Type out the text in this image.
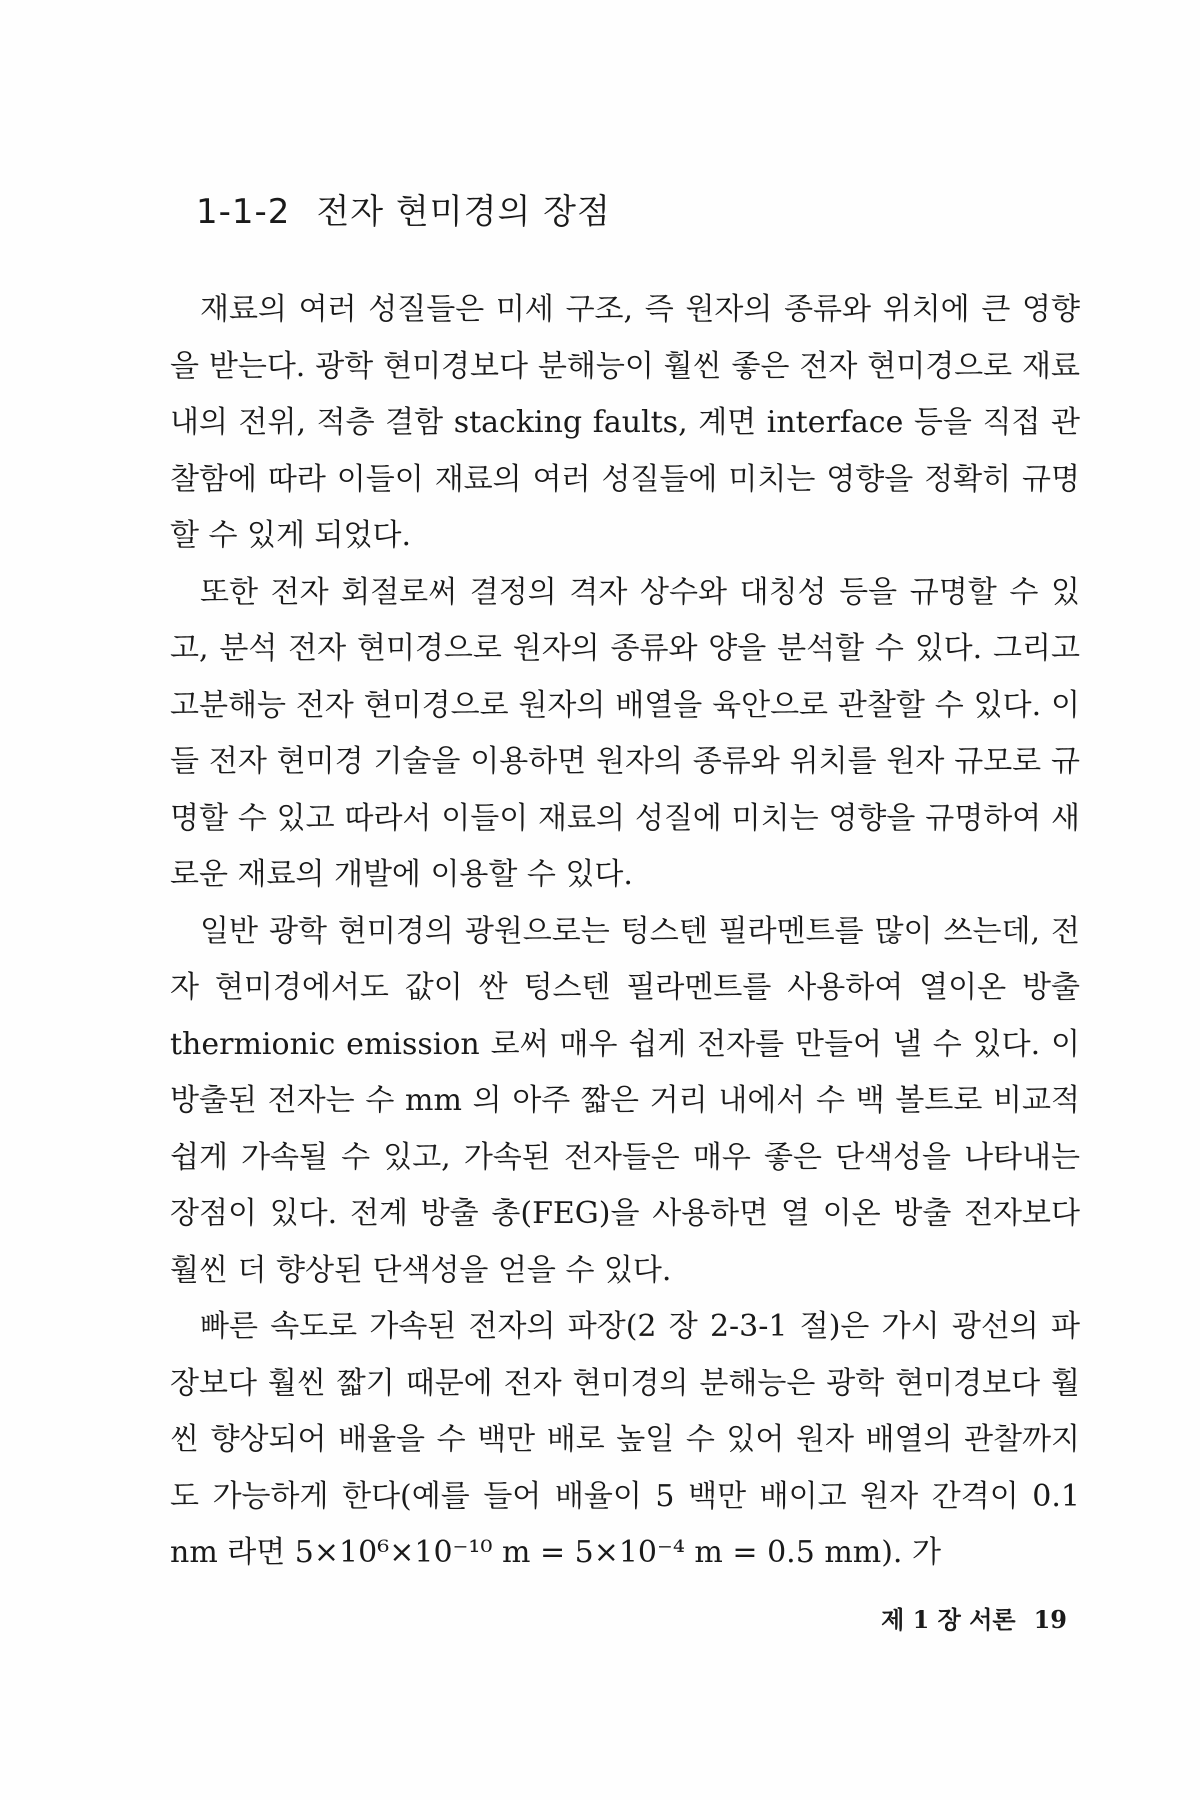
1-1-2 전자 현미경의 장점

재료의 여러 성질들은 미세 구조, 즉 원자의 종류와 위치에 큰 영향을 받는다. 광학 현미경보다 분해능이 훨씬 좋은 전자 현미경으로 재료 내의 전위, 적층 결함 stacking faults, 계면 interface 등을 직접 관찰함에 따라 이들이 재료의 여러 성질들에 미치는 영향을 정확히 규명할 수 있게 되었다.

또한 전자 회절로써 결정의 격자 상수와 대칭성 등을 규명할 수 있고, 분석 전자 현미경으로 원자의 종류와 양을 분석할 수 있다. 그리고 고분해능 전자 현미경으로 원자의 배열을 육안으로 관찰할 수 있다. 이들 전자 현미경 기술을 이용하면 원자의 종류와 위치를 원자 규모로 규명할 수 있고 따라서 이들이 재료의 성질에 미치는 영향을 규명하여 새로운 재료의 개발에 이용할 수 있다.

일반 광학 현미경의 광원으로는 텅스텐 필라멘트를 많이 쓰는데, 전자 현미경에서도 값이 싼 텅스텐 필라멘트를 사용하여 열이온 방출 thermionic emission 로써 매우 쉽게 전자를 만들어 낼 수 있다. 이 방출된 전자는 수 mm 의 아주 짧은 거리 내에서 수 백 볼트로 비교적 쉽게 가속될 수 있고, 가속된 전자들은 매우 좋은 단색성을 나타내는 장점이 있다. 전계 방출 총(FEG)을 사용하면 열 이온 방출 전자보다 훨씬 더 향상된 단색성을 얻을 수 있다.

빠른 속도로 가속된 전자의 파장(2 장 2-3-1 절)은 가시 광선의 파장보다 훨씬 짧기 때문에 전자 현미경의 분해능은 광학 현미경보다 훨씬 향상되어 배율을 수 백만 배로 높일 수 있어 원자 배열의 관찰까지도 가능하게 한다(예를 들어 배율이 5 백만 배이고 원자 간격이 0.1 nm 라면 5×10⁶×10⁻¹⁰ m = 5×10⁻⁴ m = 0.5 mm). 가

제 1 장 서론 19
